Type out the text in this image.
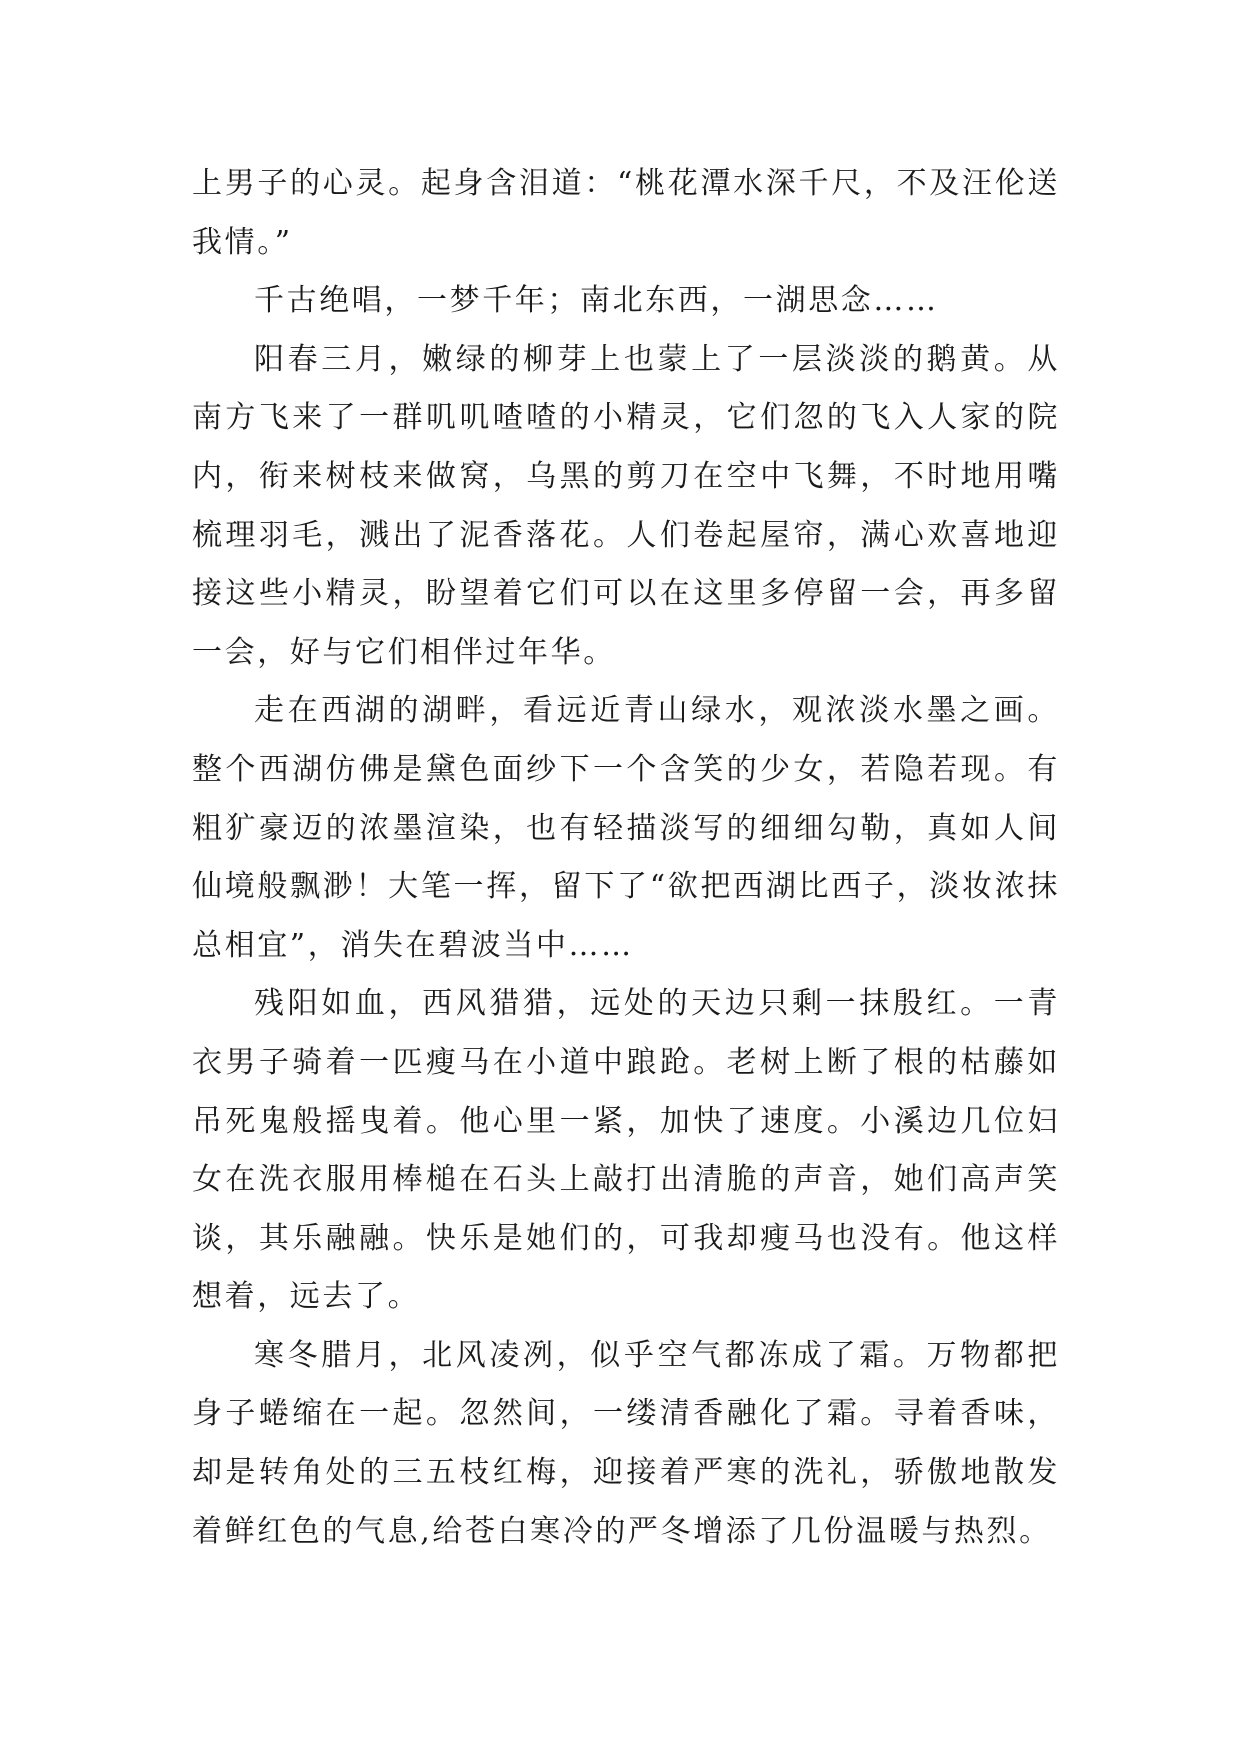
上男子的心灵。起身含泪道：“桃花潭水深千尺，不及汪伦送我情。”

千古绝唱，一梦千年；南北东西，一湖思念……

阳春三月，嫩绿的柳芽上也蒙上了一层淡淡的鹅黄。从南方飞来了一群叽叽喳喳的小精灵，它们忽的飞入人家的院内，衔来树枝来做窝，乌黑的剪刀在空中飞舞，不时地用嘴梳理羽毛，溅出了泥香落花。人们卷起屋帘，满心欢喜地迎接这些小精灵，盼望着它们可以在这里多停留一会，再多留一会，好与它们相伴过年华。

走在西湖的湖畔，看远近青山绿水，观浓淡水墨之画。整个西湖仿佛是黛色面纱下一个含笑的少女，若隐若现。有粗犷豪迈的浓墨渲染，也有轻描淡写的细细勾勒，真如人间仙境般飘渺！大笔一挥，留下了“欲把西湖比西子，淡妆浓抹总相宜”，消失在碧波当中……

残阳如血，西风猎猎，远处的天边只剩一抹殷红。一青衣男子骑着一匹瘦马在小道中踉跄。老树上断了根的枯藤如吊死鬼般摇曳着。他心里一紧，加快了速度。小溪边几位妇女在洗衣服用棒槌在石头上敲打出清脆的声音，她们高声笑谈，其乐融融。快乐是她们的，可我却瘦马也没有。他这样想着，远去了。

寒冬腊月，北风凌冽，似乎空气都冻成了霜。万物都把身子蜷缩在一起。忽然间，一缕清香融化了霜。寻着香味，却是转角处的三五枝红梅，迎接着严寒的洗礼，骄傲地散发着鲜红色的气息,给苍白寒冷的严冬增添了几份温暖与热烈。
